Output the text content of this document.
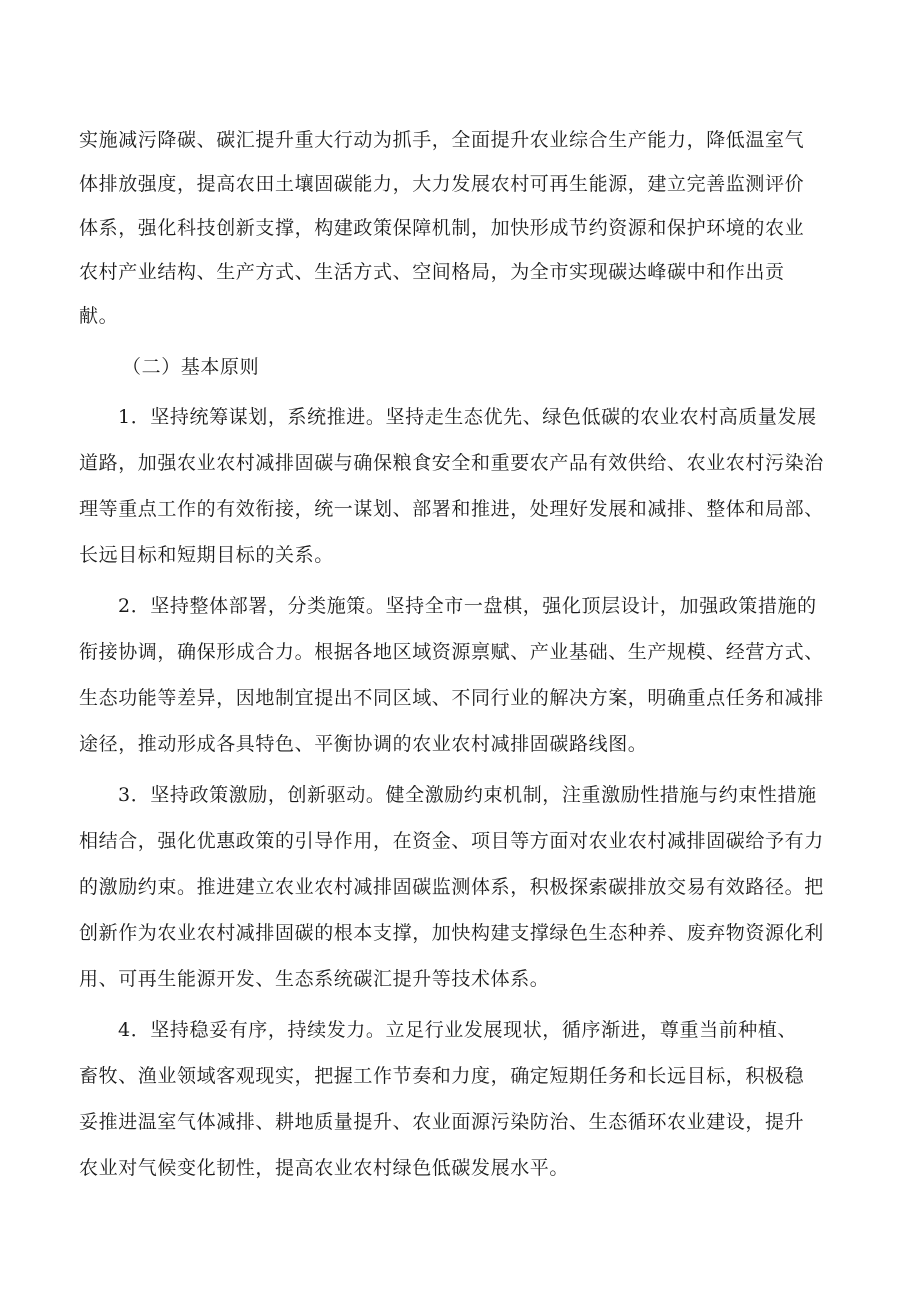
实施减污降碳、碳汇提升重大行动为抓手，全面提升农业综合生产能力，降低温室气
体排放强度，提高农田土壤固碳能力，大力发展农村可再生能源，建立完善监测评价
体系，强化科技创新支撑，构建政策保障机制，加快形成节约资源和保护环境的农业
农村产业结构、生产方式、生活方式、空间格局，为全市实现碳达峰碳中和作出贡
献。
（二）基本原则
1．坚持统筹谋划，系统推进。坚持走生态优先、绿色低碳的农业农村高质量发展
道路，加强农业农村减排固碳与确保粮食安全和重要农产品有效供给、农业农村污染治
理等重点工作的有效衔接，统一谋划、部署和推进，处理好发展和减排、整体和局部、
长远目标和短期目标的关系。
2．坚持整体部署，分类施策。坚持全市一盘棋，强化顶层设计，加强政策措施的
衔接协调，确保形成合力。根据各地区域资源禀赋、产业基础、生产规模、经营方式、
生态功能等差异，因地制宜提出不同区域、不同行业的解决方案，明确重点任务和减排
途径，推动形成各具特色、平衡协调的农业农村减排固碳路线图。
3．坚持政策激励，创新驱动。健全激励约束机制，注重激励性措施与约束性措施
相结合，强化优惠政策的引导作用，在资金、项目等方面对农业农村减排固碳给予有力
的激励约束。推进建立农业农村减排固碳监测体系，积极探索碳排放交易有效路径。把
创新作为农业农村减排固碳的根本支撑，加快构建支撑绿色生态种养、废弃物资源化利
用、可再生能源开发、生态系统碳汇提升等技术体系。
4．坚持稳妥有序，持续发力。立足行业发展现状，循序渐进，尊重当前种植、
畜牧、渔业领域客观现实，把握工作节奏和力度，确定短期任务和长远目标，积极稳
妥推进温室气体减排、耕地质量提升、农业面源污染防治、生态循环农业建设，提升
农业对气候变化韧性，提高农业农村绿色低碳发展水平。
